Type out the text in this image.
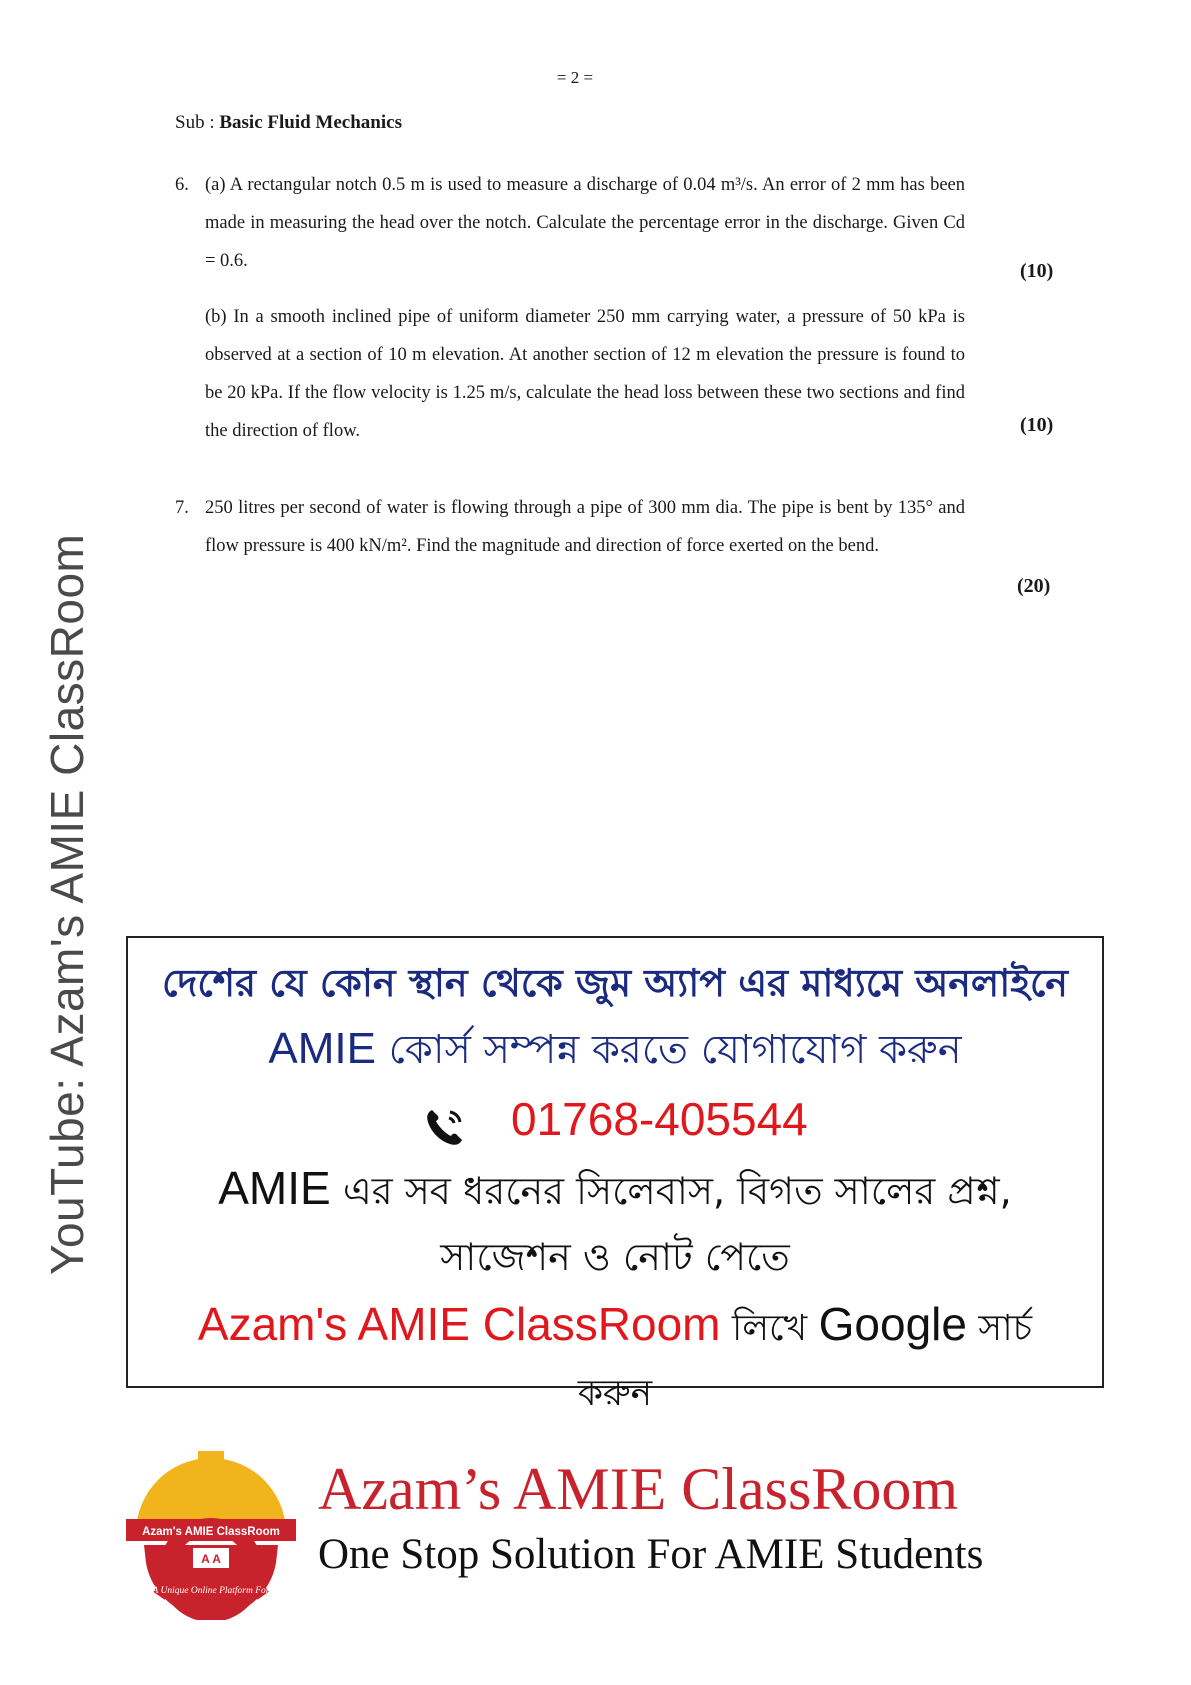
= 2 =
Sub : Basic Fluid Mechanics
6. (a) A rectangular notch 0.5 m is used to measure a discharge of 0.04 m³/s. An error of 2 mm has been made in measuring the head over the notch. Calculate the percentage error in the discharge. Given Cd = 0.6.	(10)
(b) In a smooth inclined pipe of uniform diameter 250 mm carrying water, a pressure of 50 kPa is observed at a section of 10 m elevation. At another section of 12 m elevation the pressure is found to be 20 kPa. If the flow velocity is 1.25 m/s, calculate the head loss between these two sections and find the direction of flow.	(10)
7. 250 litres per second of water is flowing through a pipe of 300 mm dia. The pipe is bent by 135° and flow pressure is 400 kN/m². Find the magnitude and direction of force exerted on the bend.
(20)
YouTube: Azam's AMIE ClassRoom	দেশের যে কোন স্থান থেকে জুম অ্যাপ এর মাধ্যমে অনলাইনে

AMIE কোর্স সম্পন্ন করতে যোগাযোগ করুন

01768-405544

AMIE এর সব ধরনের সিলেবাস, বিগত সালের প্রশ্ন,

সাজেশন ও নোট পেতে

Azam's AMIE ClassRoom লিখে Google সার্চ

করুন

Azam's AMIE ClassRoom
A A
A Unique Online Platform For
Azam’s AMIE ClassRoom
One Stop Solution For AMIE Students
